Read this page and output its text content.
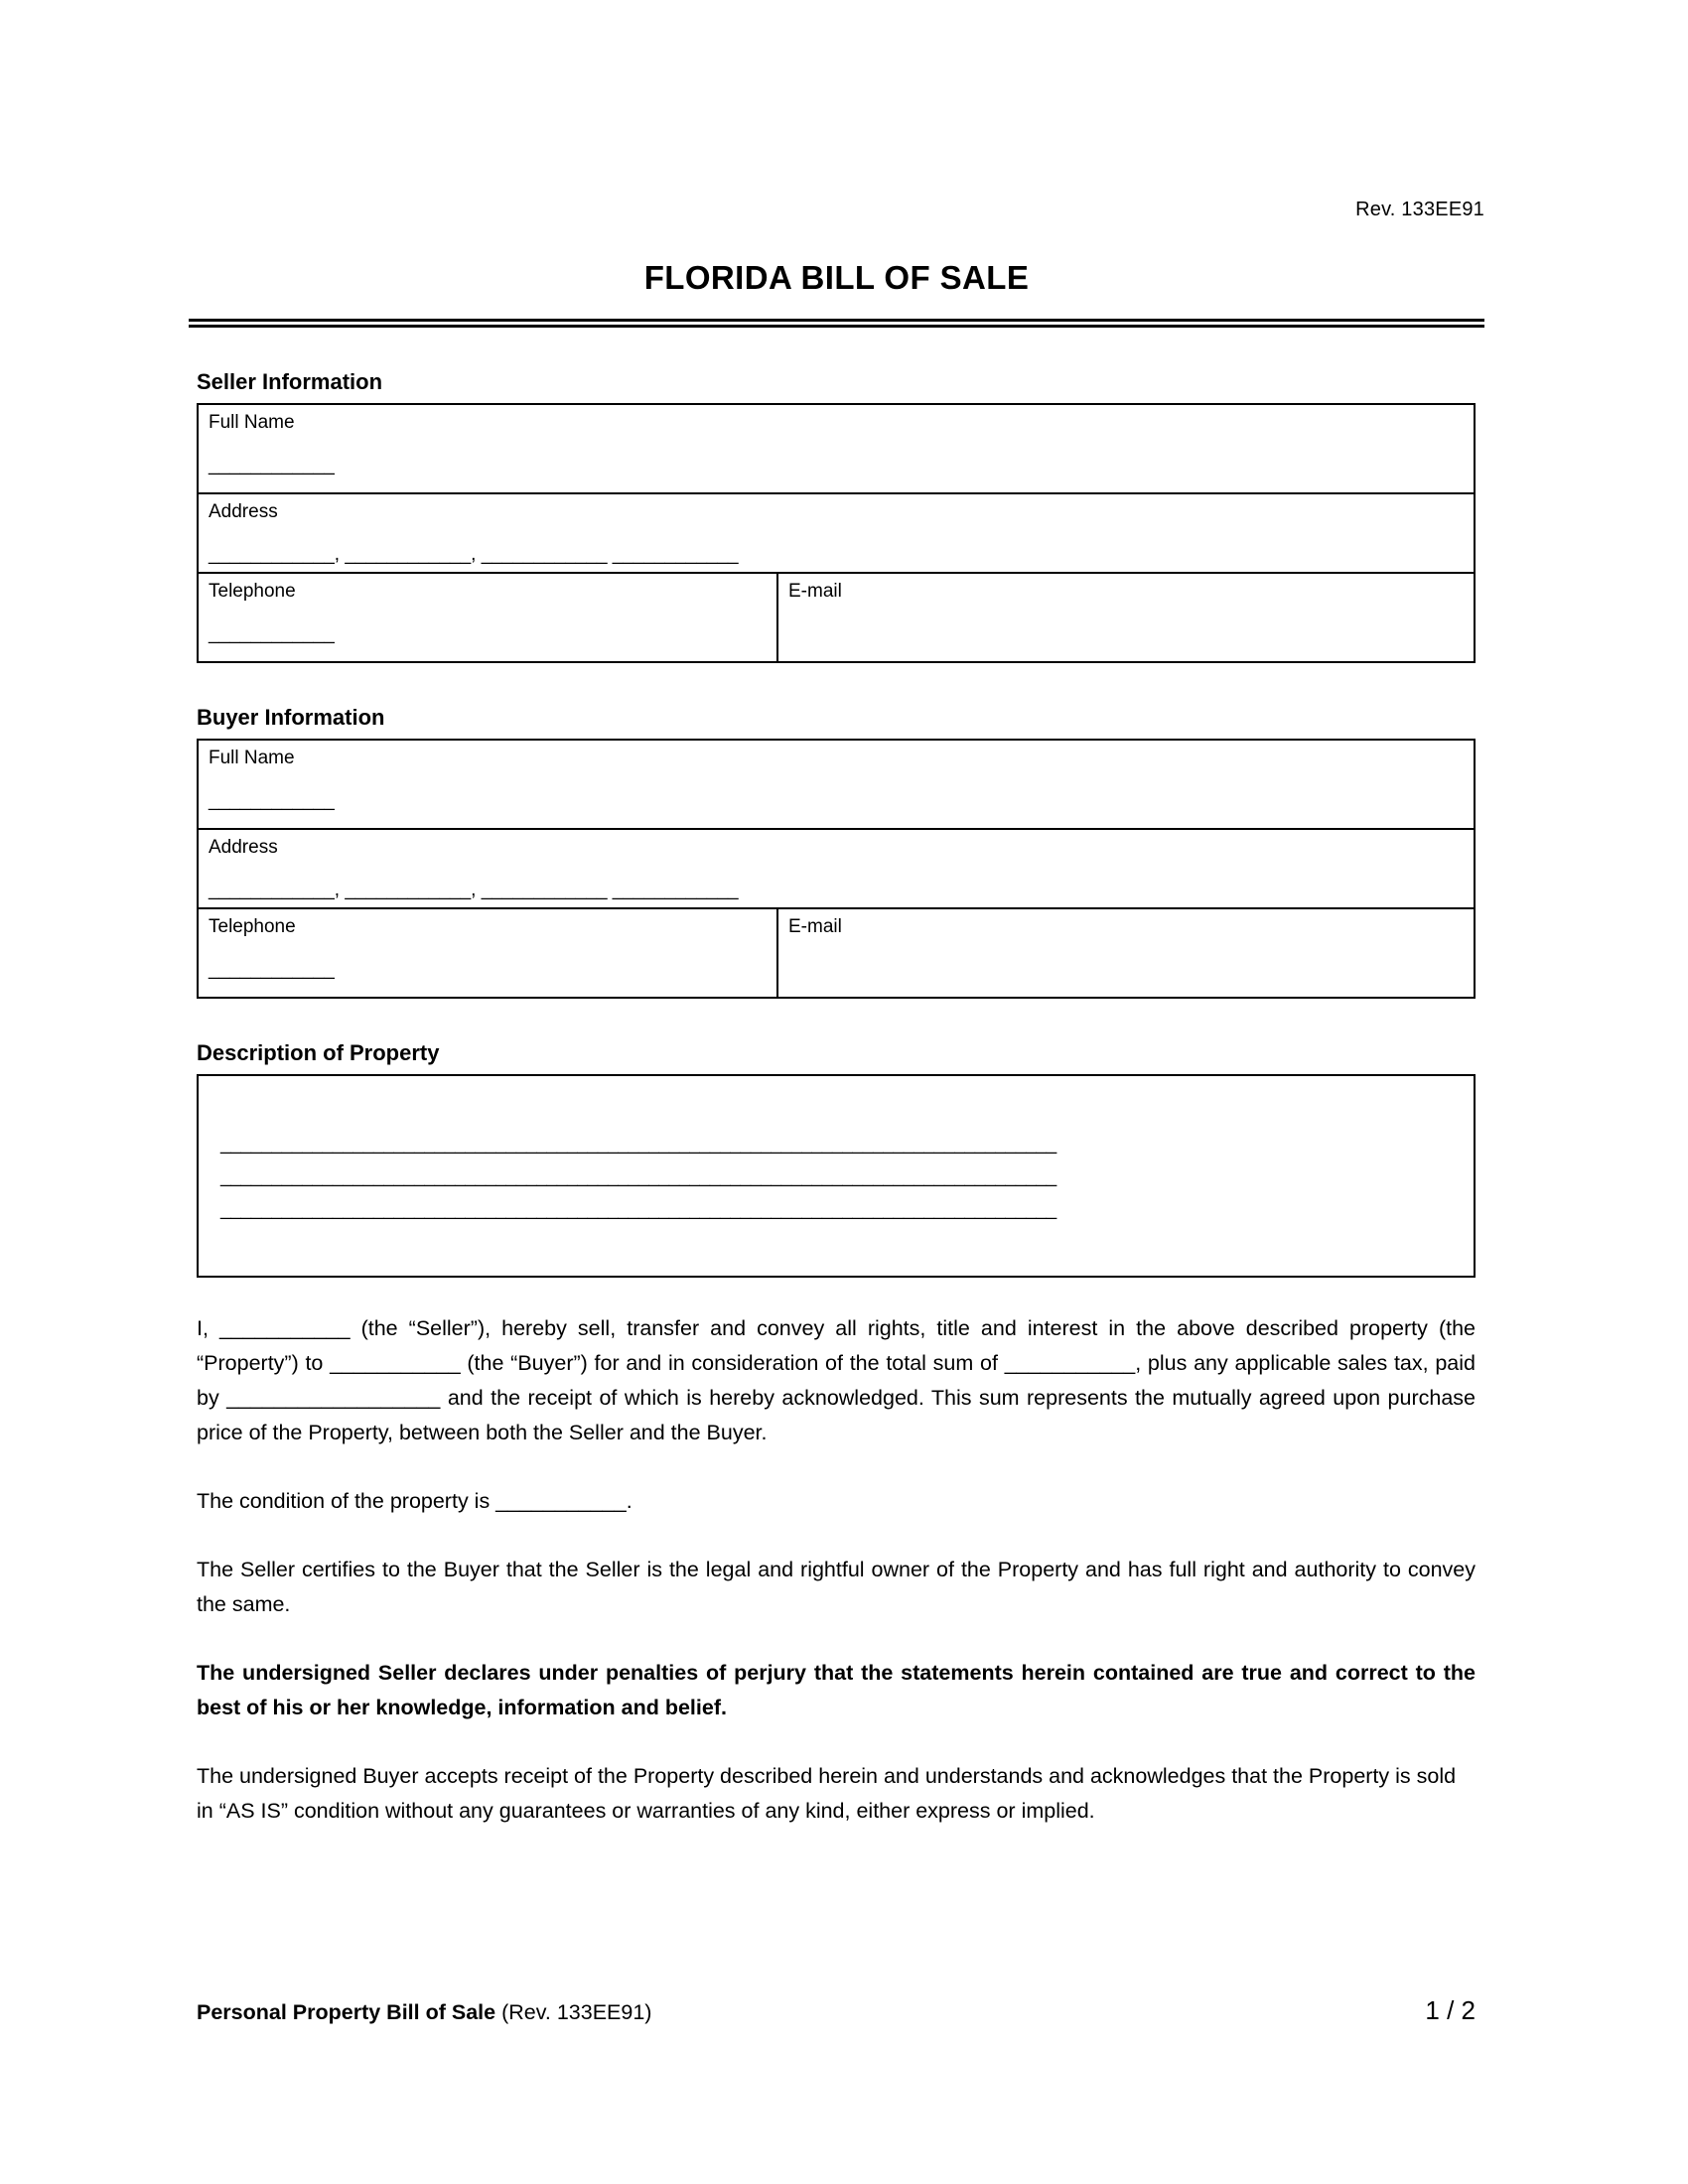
Rev. 133EE91
FLORIDA BILL OF SALE
Seller Information
Full Name
____________
Address
____________, ____________, ____________ ____________
Telephone
____________
E-mail
Buyer Information
Full Name
____________
Address
____________, ____________, ____________ ____________
Telephone
____________
E-mail
Description of Property
__________________________________________________________________________________
__________________________________________________________________________________
__________________________________________________________________________________
I, ___________ (the “Seller”), hereby sell, transfer and convey all rights, title and interest in the above described property (the “Property”) to ___________ (the “Buyer”) for and in consideration of the total sum of ___________, plus any applicable sales tax, paid by __________________ and the receipt of which is hereby acknowledged. This sum represents the mutually agreed upon purchase price of the Property, between both the Seller and the Buyer.
The condition of the property is ___________.
The Seller certifies to the Buyer that the Seller is the legal and rightful owner of the Property and has full right and authority to convey the same.
The undersigned Seller declares under penalties of perjury that the statements herein contained are true and correct to the best of his or her knowledge, information and belief.
The undersigned Buyer accepts receipt of the Property described herein and understands and acknowledges that the Property is sold in “AS IS” condition without any guarantees or warranties of any kind, either express or implied.
Personal Property Bill of Sale (Rev. 133EE91)	1 / 2
